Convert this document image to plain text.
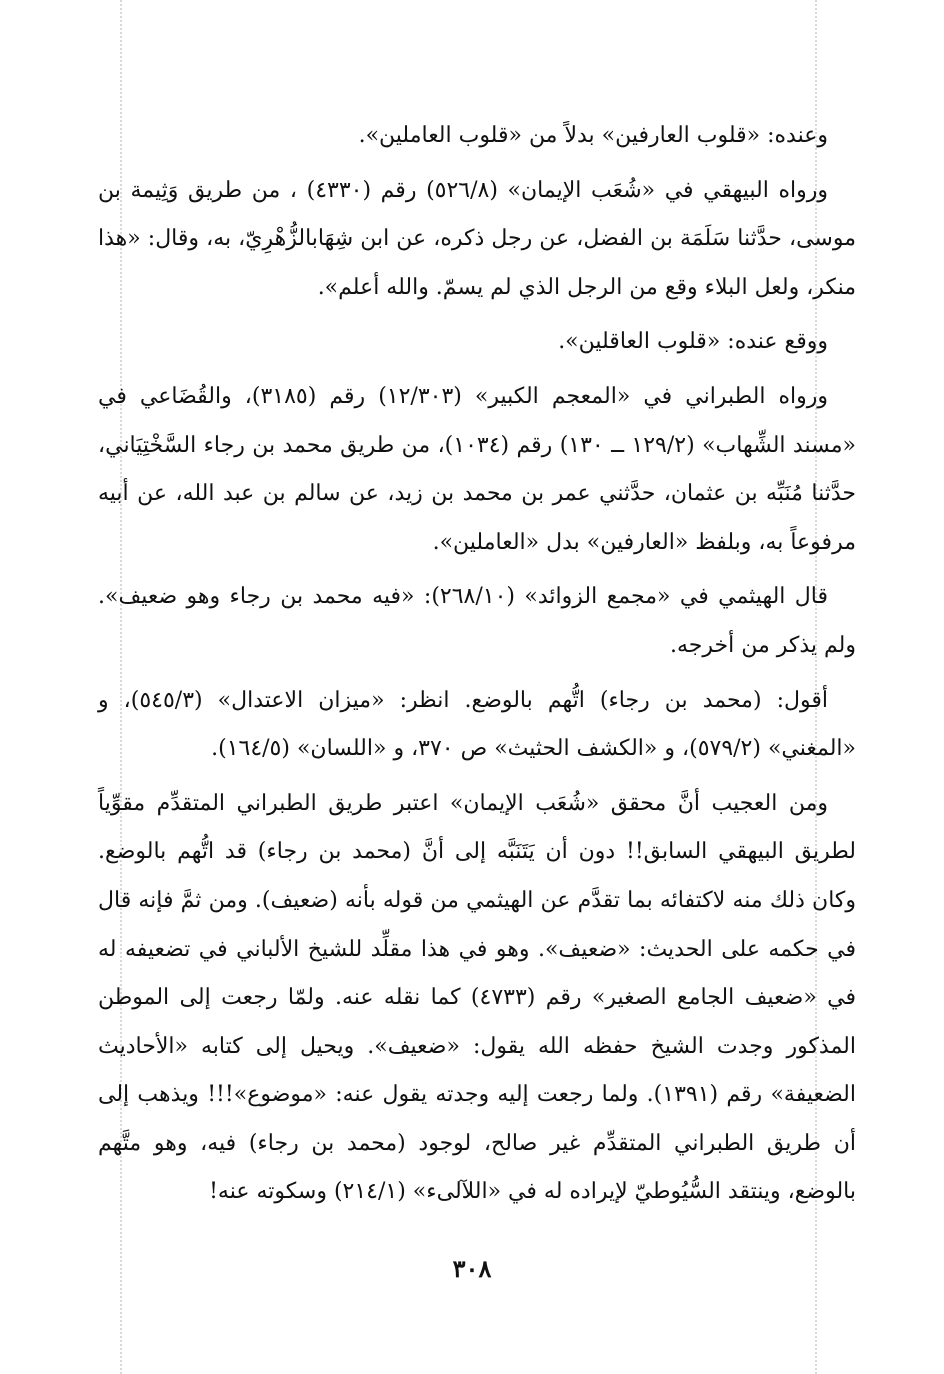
وعنده: «قلوب العارفين» بدلاً من «قلوب العاملين».

ورواه البيهقي في «شُعَب الإيمان» (٥٢٦/٨) رقم (٤٣٣٠) ، من طريق وَثِيمة بن موسى، حدَّثنا سَلَمَة بن الفضل، عن رجل ذكره، عن ابن شِهَابالزُّهْرِيّ، به، وقال: «هذا منكر، ولعل البلاء وقع من الرجل الذي لم يسمّ. والله أعلم».

ووقع عنده: «قلوب العاقلين».

ورواه الطبراني في «المعجم الكبير» (١٢/٣٠٣) رقم (٣١٨٥)، والقُضَاعي في «مسند الشِّهاب» (١٢٩/٢ ــ ١٣٠) رقم (١٠٣٤)، من طريق محمد بن رجاء السَّخْتِيَاني، حدَّثنا مُنَبِّه بن عثمان، حدَّثني عمر بن محمد بن زيد، عن سالم بن عبد الله، عن أبيه مرفوعاً به، وبلفظ «العارفين» بدل «العاملين».

قال الهيثمي في «مجمع الزوائد» (٢٦٨/١٠): «فيه محمد بن رجاء وهو ضعيف». ولم يذكر من أخرجه.

أقول: (محمد بن رجاء) اتُّهم بالوضع. انظر: «ميزان الاعتدال» (٥٤٥/٣)، و «المغني» (٥٧٩/٢)، و «الكشف الحثيث» ص ٣٧٠، و «اللسان» (١٦٤/٥).

ومن العجيب أنَّ محقق «شُعَب الإيمان» اعتبر طريق الطبراني المتقدِّم مقوِّياً لطريق البيهقي السابق!! دون أن يَتَنَبَّه إلى أنَّ (محمد بن رجاء) قد اتُّهم بالوضع. وكان ذلك منه لاكتفائه بما تقدَّم عن الهيثمي من قوله بأنه (ضعيف). ومن ثمَّ فإنه قال في حكمه على الحديث: «ضعيف». وهو في هذا مقلِّد للشيخ الألباني في تضعيفه له في «ضعيف الجامع الصغير» رقم (٤٧٣٣) كما نقله عنه. ولمّا رجعت إلى الموطن المذكور وجدت الشيخ حفظه الله يقول: «ضعيف». ويحيل إلى كتابه «الأحاديث الضعيفة» رقم (١٣٩١). ولما رجعت إليه وجدته يقول عنه: «موضوع»!!! ويذهب إلى أن طريق الطبراني المتقدِّم غير صالح، لوجود (محمد بن رجاء) فيه، وهو متَّهم بالوضع، وينتقد السُّيُوطيّ لإيراده له في «اللآلىء» (٢١٤/١) وسكوته عنه!

٣٠٨
